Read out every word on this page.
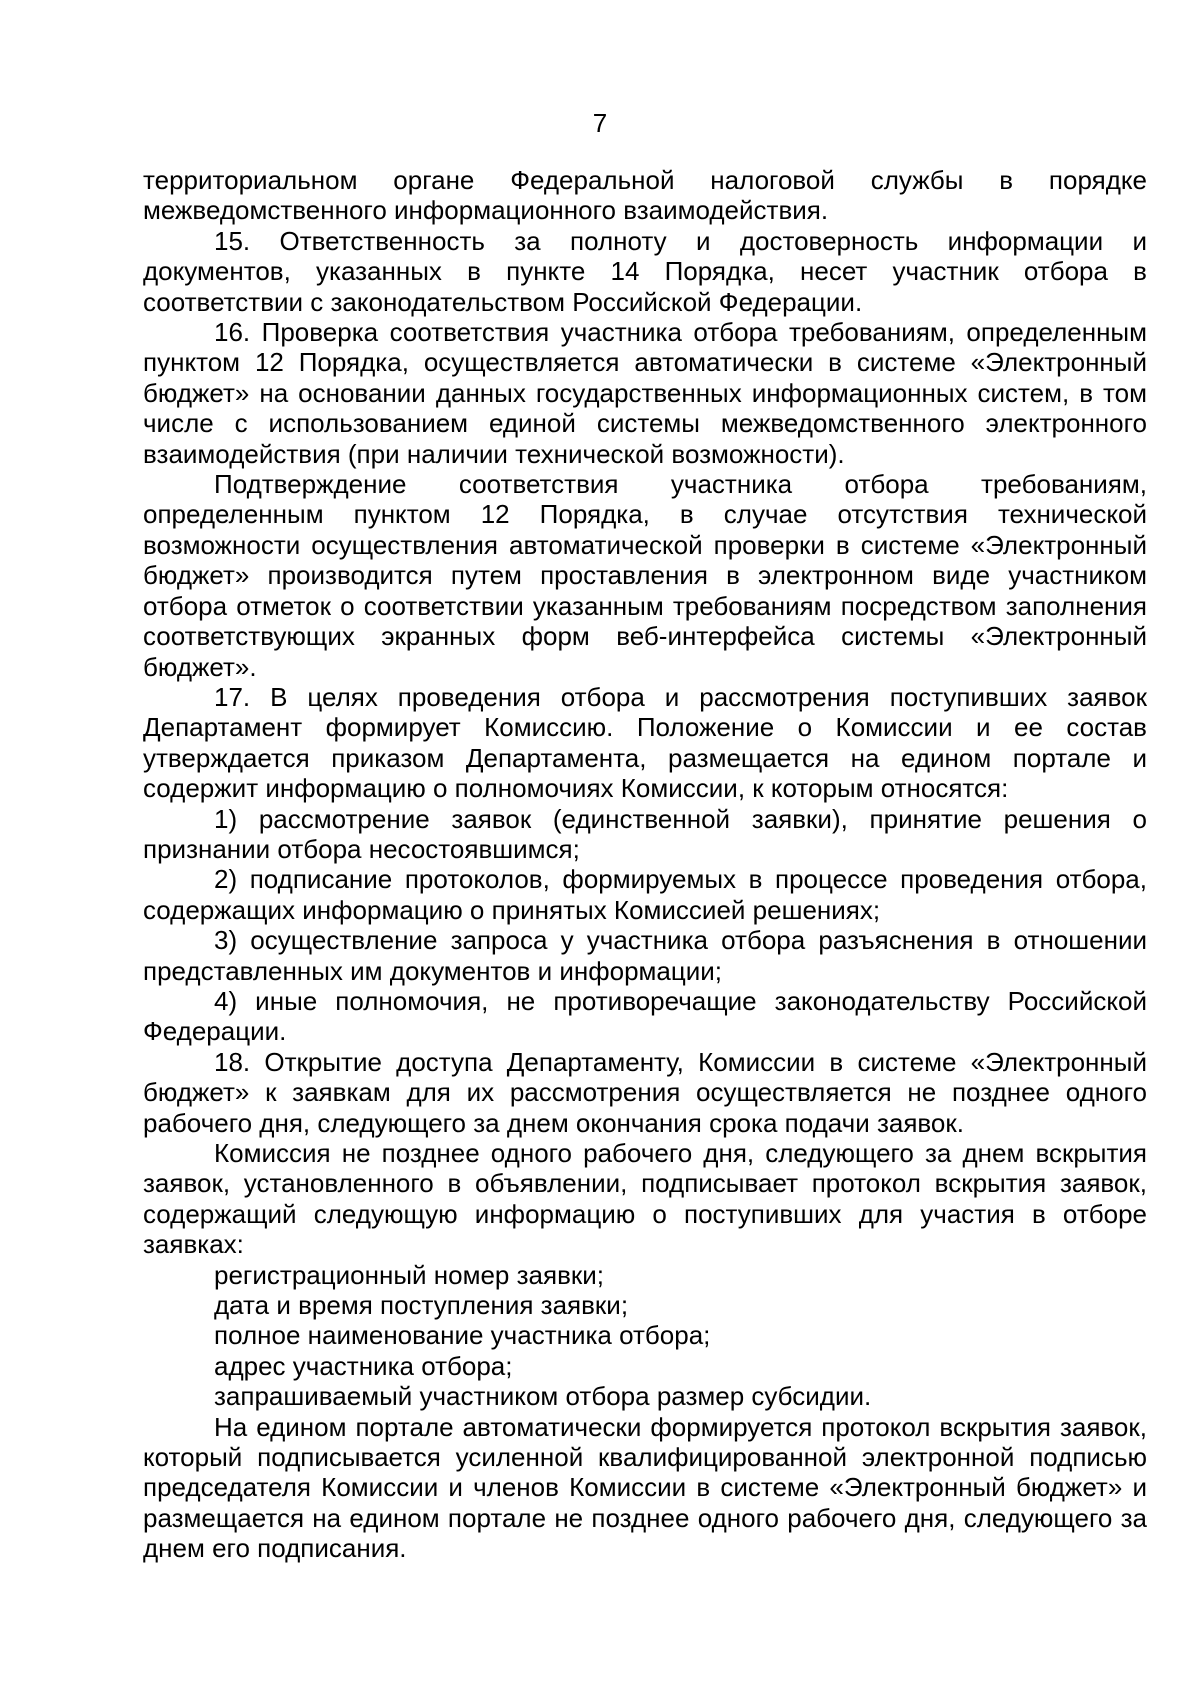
7

территориальном органе Федеральной налоговой службы в порядке межведомственного информационного взаимодействия.

15. Ответственность за полноту и достоверность информации и документов, указанных в пункте 14 Порядка, несет участник отбора в соответствии с законодательством Российской Федерации.

16. Проверка соответствия участника отбора требованиям, определенным пунктом 12 Порядка, осуществляется автоматически в системе «Электронный бюджет» на основании данных государственных информационных систем, в том числе с использованием единой системы межведомственного электронного взаимодействия (при наличии технической возможности).

Подтверждение соответствия участника отбора требованиям, определенным пунктом 12 Порядка, в случае отсутствия технической возможности осуществления автоматической проверки в системе «Электронный бюджет» производится путем проставления в электронном виде участником отбора отметок о соответствии указанным требованиям посредством заполнения соответствующих экранных форм веб-интерфейса системы «Электронный бюджет».

17. В целях проведения отбора и рассмотрения поступивших заявок Департамент формирует Комиссию. Положение о Комиссии и ее состав утверждается приказом Департамента, размещается на едином портале и содержит информацию о полномочиях Комиссии, к которым относятся:

1) рассмотрение заявок (единственной заявки), принятие решения о признании отбора несостоявшимся;

2) подписание протоколов, формируемых в процессе проведения отбора, содержащих информацию о принятых Комиссией решениях;

3) осуществление запроса у участника отбора разъяснения в отношении представленных им документов и информации;

4) иные полномочия, не противоречащие законодательству Российской Федерации.

18. Открытие доступа Департаменту, Комиссии в системе «Электронный бюджет» к заявкам для их рассмотрения осуществляется не позднее одного рабочего дня, следующего за днем окончания срока подачи заявок.

Комиссия не позднее одного рабочего дня, следующего за днем вскрытия заявок, установленного в объявлении, подписывает протокол вскрытия заявок, содержащий следующую информацию о поступивших для участия в отборе заявках:

регистрационный номер заявки;

дата и время поступления заявки;

полное наименование участника отбора;

адрес участника отбора;

запрашиваемый участником отбора размер субсидии.

На едином портале автоматически формируется протокол вскрытия заявок, который подписывается усиленной квалифицированной электронной подписью председателя Комиссии и членов Комиссии в системе «Электронный бюджет» и размещается на едином портале не позднее одного рабочего дня, следующего за днем его подписания.
